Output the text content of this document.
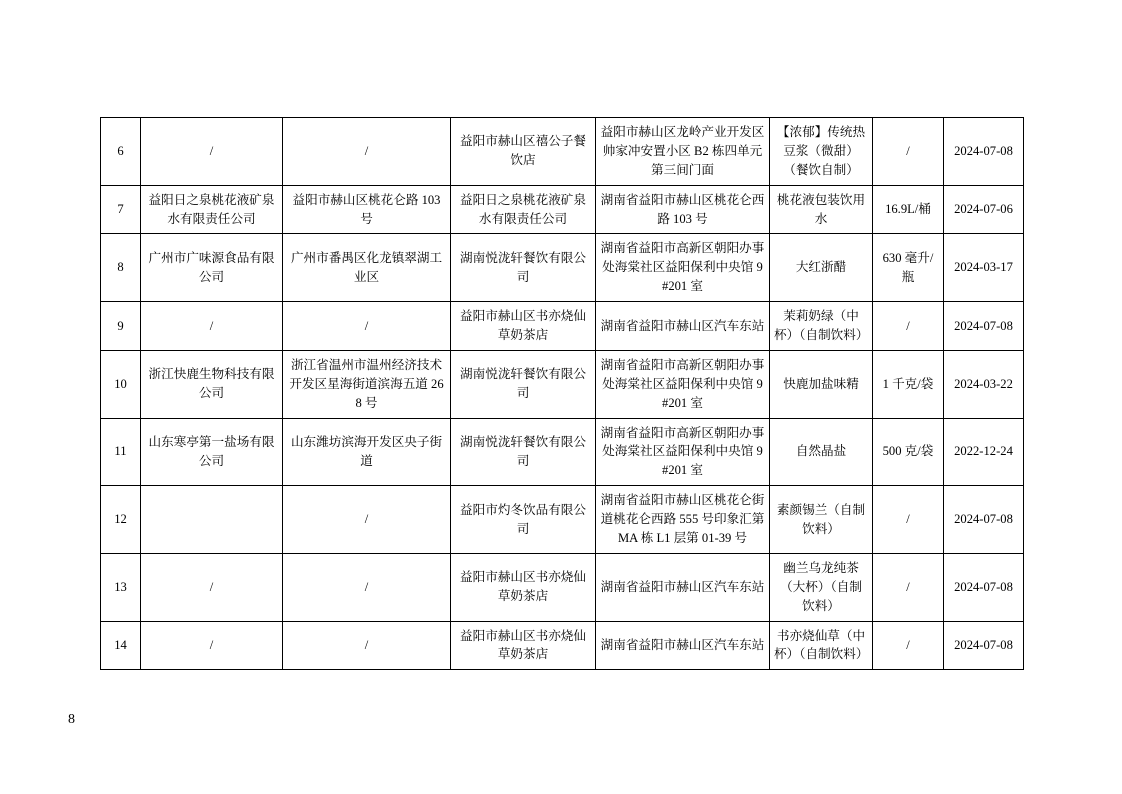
6	/	/	益阳市赫山区禧公子餐饮店	益阳市赫山区龙岭产业开发区帅家冲安置小区 B2 栋四单元第三间门面	【浓郁】传统热豆浆（微甜）（餐饮自制）	/	2024-07-08
7	益阳日之泉桃花液矿泉水有限责任公司	益阳市赫山区桃花仑路 103 号	益阳日之泉桃花液矿泉水有限责任公司	湖南省益阳市赫山区桃花仑西路 103 号	桃花液包装饮用水	16.9L/桶	2024-07-06
8	广州市广味源食品有限公司	广州市番禺区化龙镇翠湖工业区	湖南悦泷轩餐饮有限公司	湖南省益阳市高新区朝阳办事处海棠社区益阳保利中央馆 9#201 室	大红浙醋	630 毫升/瓶	2024-03-17
9	/	/	益阳市赫山区书亦烧仙草奶茶店	湖南省益阳市赫山区汽车东站	茉莉奶绿（中杯）（自制饮料）	/	2024-07-08
10	浙江快鹿生物科技有限公司	浙江省温州市温州经济技术开发区星海街道滨海五道 268 号	湖南悦泷轩餐饮有限公司	湖南省益阳市高新区朝阳办事处海棠社区益阳保利中央馆 9#201 室	快鹿加盐味精	1 千克/袋	2024-03-22
11	山东寒亭第一盐场有限公司	山东潍坊滨海开发区央子街道	湖南悦泷轩餐饮有限公司	湖南省益阳市高新区朝阳办事处海棠社区益阳保利中央馆 9#201 室	自然晶盐	500 克/袋	2022-12-24
12		/	益阳市灼冬饮品有限公司	湖南省益阳市赫山区桃花仑街道桃花仑西路 555 号印象汇第 MA 栋 L1 层第 01-39 号	素颜锡兰（自制饮料）	/	2024-07-08
13	/	/	益阳市赫山区书亦烧仙草奶茶店	湖南省益阳市赫山区汽车东站	幽兰乌龙纯茶（大杯）（自制饮料）	/	2024-07-08
14	/	/	益阳市赫山区书亦烧仙草奶茶店	湖南省益阳市赫山区汽车东站	书亦烧仙草（中杯）（自制饮料）	/	2024-07-08
8
